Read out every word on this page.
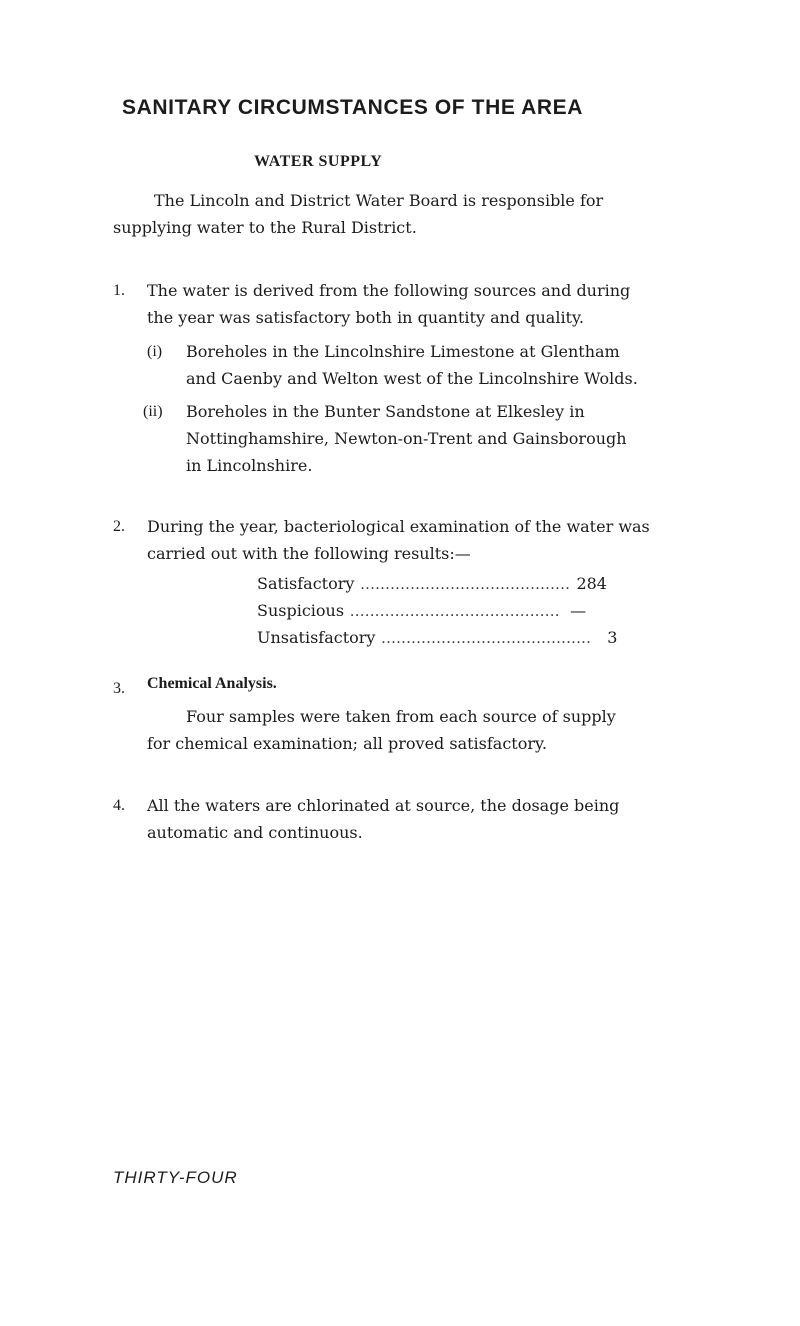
SANITARY CIRCUMSTANCES OF THE AREA
WATER SUPPLY
The Lincoln and District Water Board is responsible for
supplying water to the Rural District.
1. The water is derived from the following sources and during
the year was satisfactory both in quantity and quality.
(i) Boreholes in the Lincolnshire Limestone at Glentham
and Caenby and Welton west of the Lincolnshire Wolds.
(ii) Boreholes in the Bunter Sandstone at Elkesley in
Nottinghamshire, Newton-on-Trent and Gainsborough
in Lincolnshire.
2. During the year, bacteriological examination of the water was
carried out with the following results:—
Satisfactory .......................................... 284
Suspicious .......................................... —
Unsatisfactory .......................................... 3
3. Chemical Analysis.
Four samples were taken from each source of supply
for chemical examination; all proved satisfactory.
4. All the waters are chlorinated at source, the dosage being
automatic and continuous.
THIRTY-FOUR
